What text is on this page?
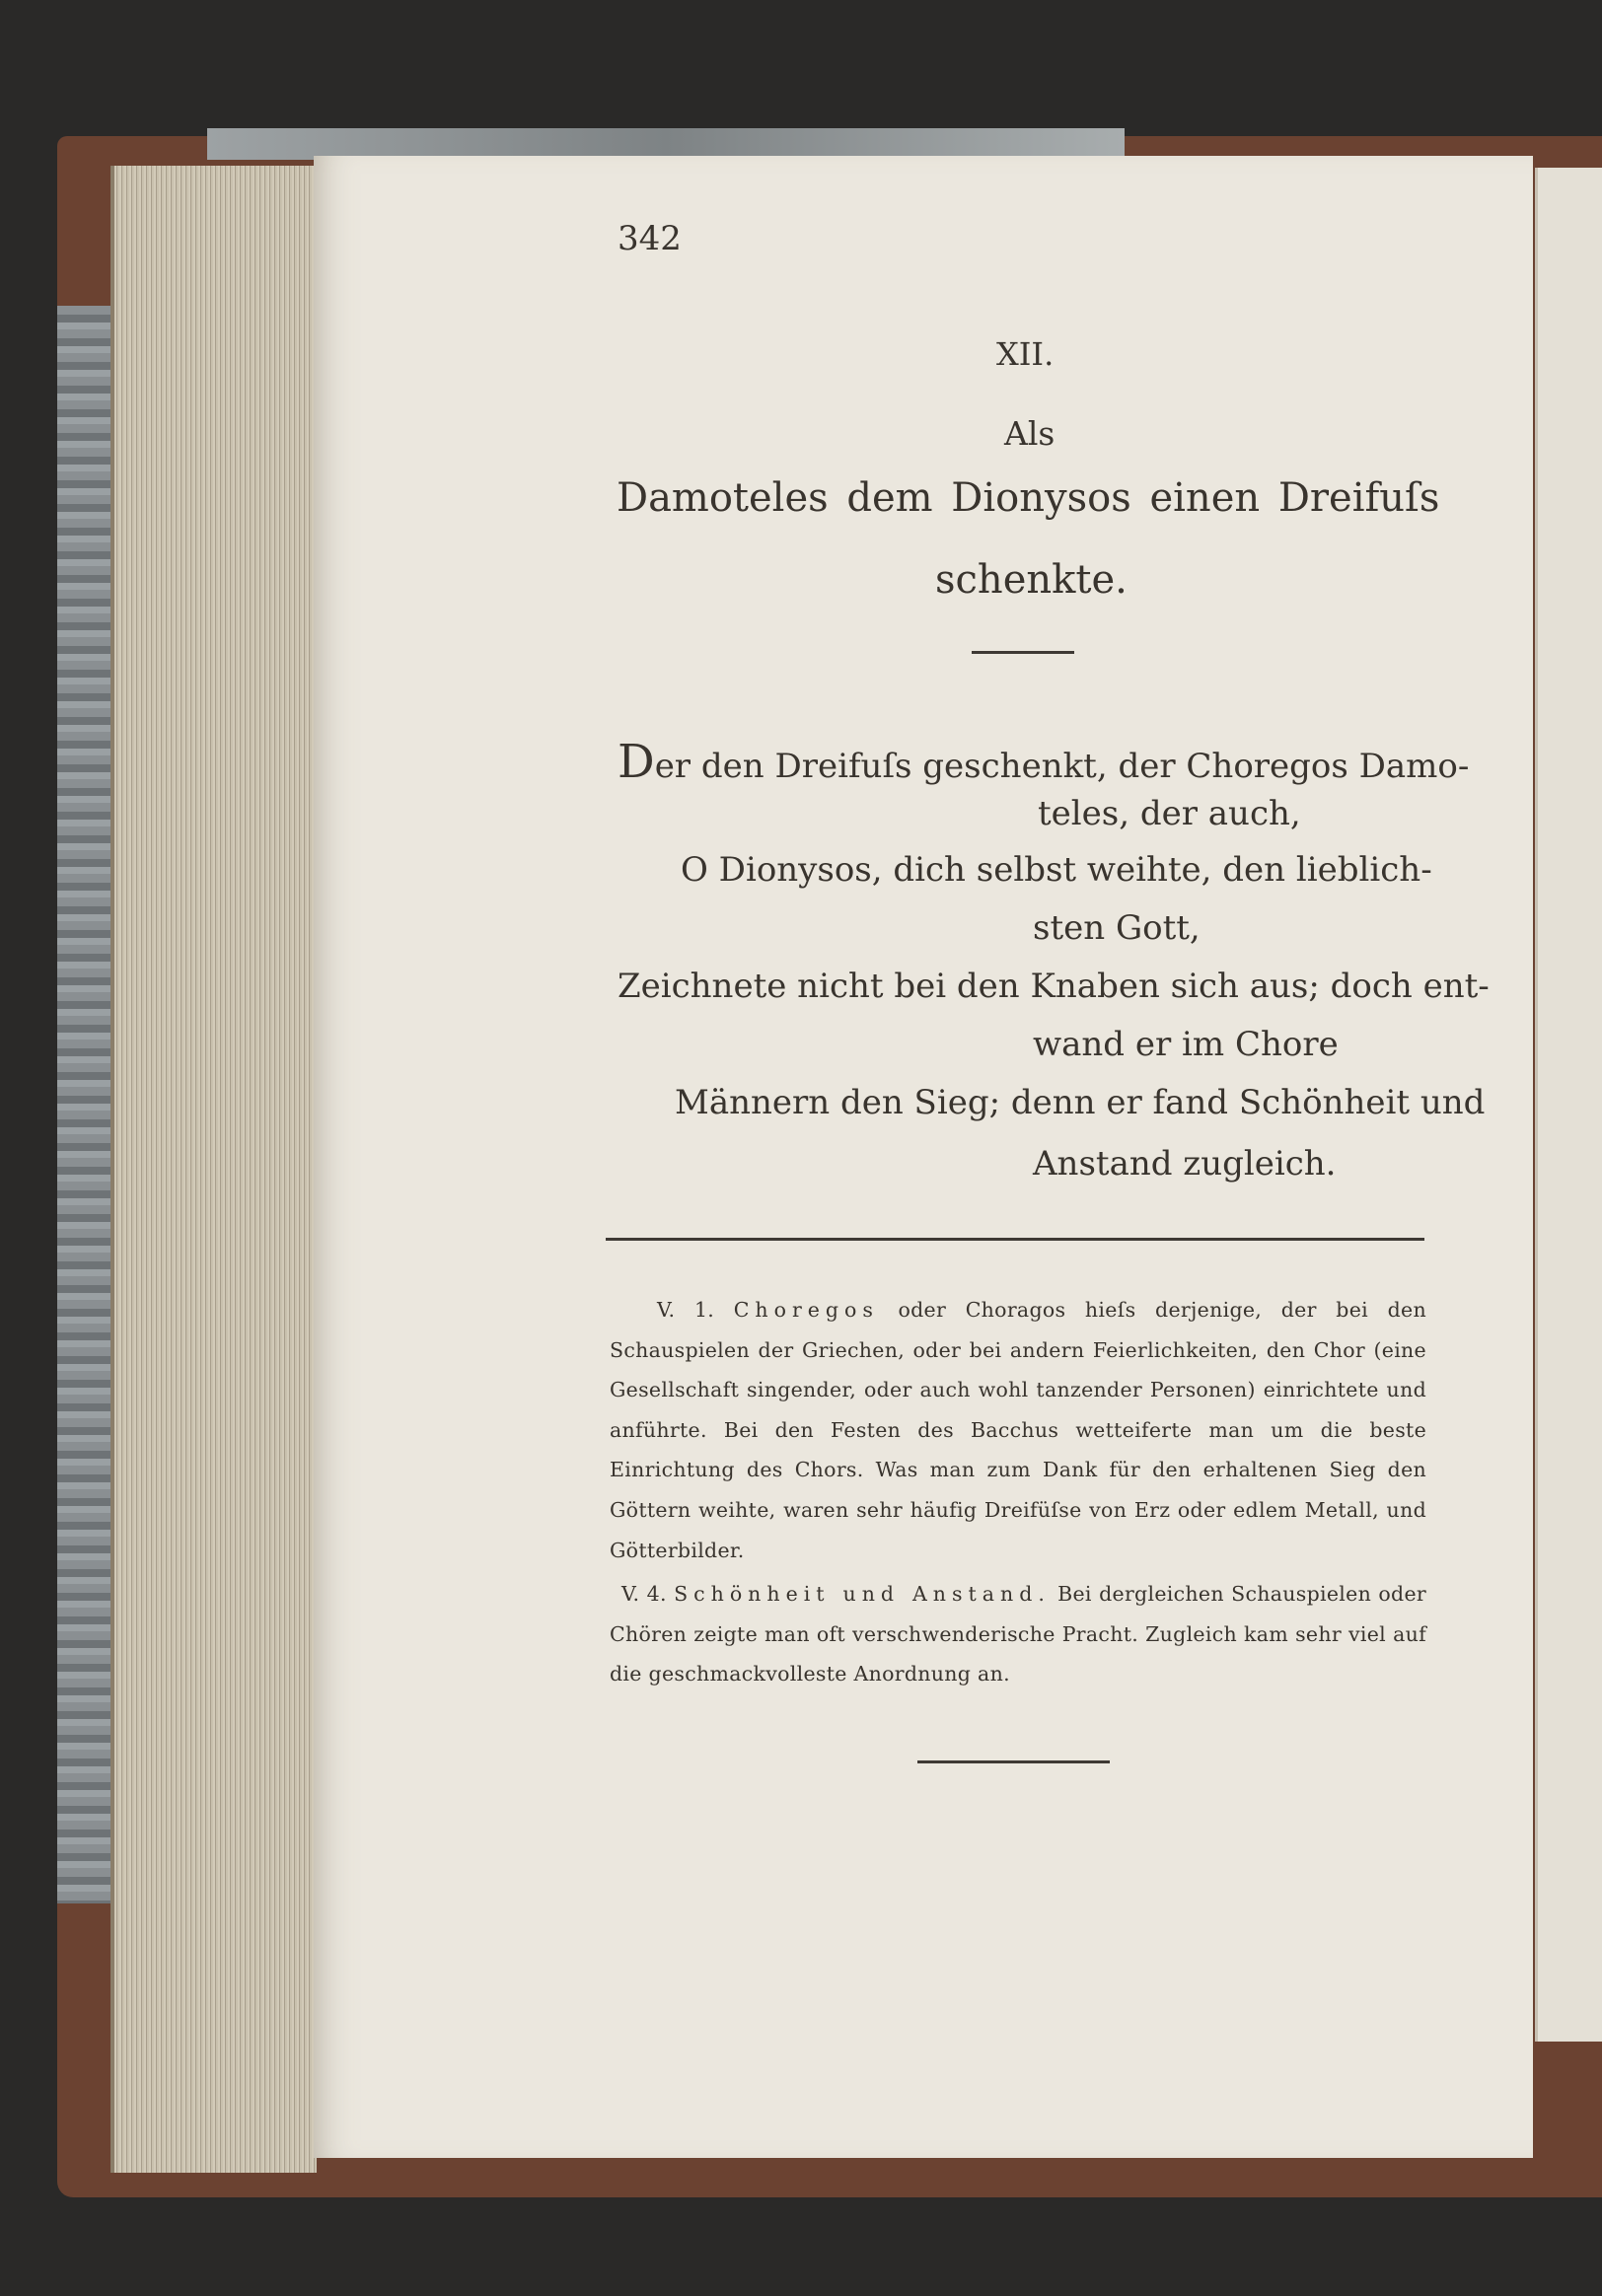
342
XII.
Als
Damoteles dem Dionysos einen Dreifuſs
schenkte.
Der den Dreifuſs geschenkt, der Choregos Damo-
teles, der auch,
O Dionysos, dich selbst weihte, den lieblich-
sten Gott,
Zeichnete nicht bei den Knaben sich aus; doch ent-
wand er im Chore
Männern den Sieg; denn er fand Schönheit und
Anstand zugleich.

V. 1. Choregos oder Choragos hieſs derjenige, der bei den Schauspielen der Griechen, oder bei andern Feierlichkeiten, den Chor (eine Gesellschaft singender, oder auch wohl tanzender Personen) einrichtete und anführte. Bei den Festen des Bacchus wetteiferte man um die beste Einrichtung des Chors. Was man zum Dank für den erhaltenen Sieg den Göttern weihte, waren sehr häufig Dreifüſse von Erz oder edlem Metall, und Götterbilder.

V. 4. Schönheit und Anstand. Bei dergleichen Schauspielen oder Chören zeigte man oft verschwenderische Pracht. Zugleich kam sehr viel auf die geschmackvolleste Anordnung an.
